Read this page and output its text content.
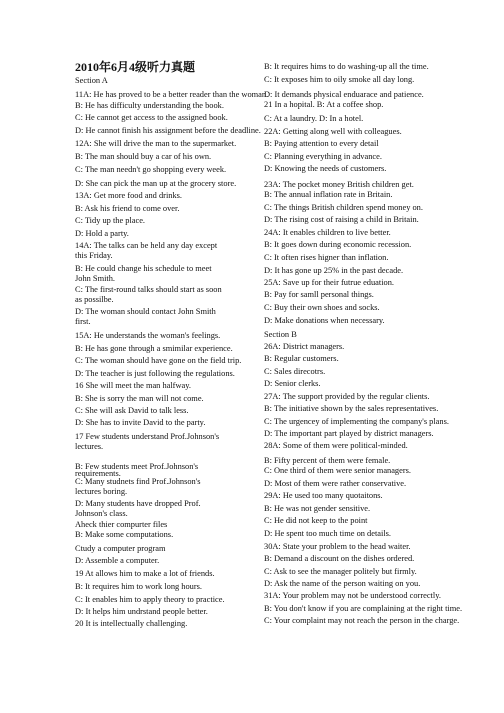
2010年6月4级听力真题
Section A
11A: He has proved to be a better reader than the woman.
B: He has difficulty understanding the book.
C: He cannot get access to the assigned book.
D: He cannot finish his assignment before the deadline.
12A: She will drive the man to the supermarket.
B: The man should buy a car of his own.
C: The man needn't go shopping every week.
D: She can pick the man up at the grocery store.
13A: Get more food and drinks.
B: Ask his friend to come over.
C: Tidy up the place.
D: Hold a party.
14A: The talks can be held any day except
this Friday.
B: He could change his schedule to meet
John Smith.
C: The first-round talks should start as soon
as possilbe.
D: The woman should contact John Smith
first.
15A: He understands the woman's feelings.
B: He has gone through a smimilar experience.
C: The woman should have gone on the field trip.
D: The teacher is just following the regulations.
16 She will meet the man halfway.
B: She is sorry the man will not come.
C: She will ask David to talk less.
D: She has to invite David to the party.
17 Few students understand Prof.Johnson's
lectures.
B: Few students meet Prof.Johnson's
requirements.
C: Many studnets find Prof.Johnson's
lectures boring.
D: Many students have dropped Prof.
Johnson's class.
Aheck thier compurter files
B: Make some computations.
Ctudy a computer program
D: Assemble a computer.
19 At allows him to make a lot of friends.
B: It requires him to work long hours.
C: It enables him to apply theory to practice.
D: It helps him undrstand people better.
20 It is intellectually challenging.
B: It requires hims to do washing-up all the time.
C: It exposes him to oily smoke all day long.
D: It demands physical enduarace and patience.
21 In a hopital. B: At a coffee shop.
C: At a laundry. D: In a hotel.
22A: Getting along well with colleagues.
B: Paying attention to every detail
C: Planning everything in advance.
D: Knowing the needs of customers.
23A: The pocket money British children get.
B: The annual inflation rate in Britain.
C: The things British children spend money on.
D: The rising cost of raising a child in Britain.
24A: It enables children to live better.
B: It goes down during economic recession.
C: It often rises higner than inflation.
D: It has gone up 25% in the past decade.
25A: Save up for their futrue eduation.
B: Pay for samll personal things.
C: Buy their own shoes and socks.
D: Make donations when necessary.
Section B
26A: District managers.
B: Regular customers.
C: Sales direcotrs.
D: Senior clerks.
27A: The support provided by the regular clients.
B: The initiative shown by the sales representatives.
C: The urgencey of implementing the company's plans.
D: The important part played by district managers.
28A: Some of them were political-minded.
B: Fifty percent of them were female.
C: One third of them were senior managers.
D: Most of them were rather conservative.
29A: He used too many quotaitons.
B: He was not gender sensitive.
C: He did not keep to the point
D: He spent too much time on details.
30A: State your problem to the head waiter.
B: Demand a discount on the dishes ordered.
C: Ask to see the manager politely but firmly.
D: Ask the name of the person waiting on you.
31A: Your problem may not be understood correctly.
B: You don't know if you are complaining at the right time.
C: Your complaint may not reach the person in the charge.
